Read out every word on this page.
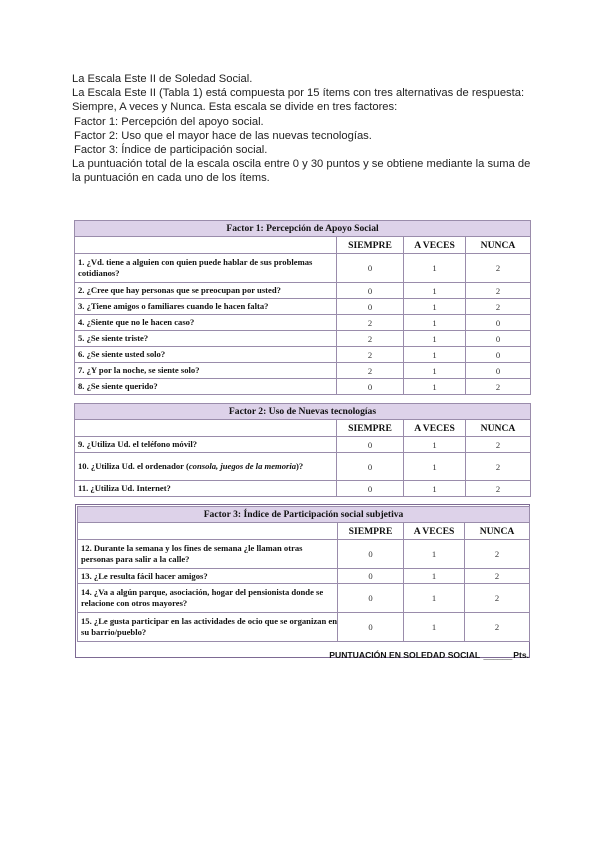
La Escala Este II de Soledad Social.

La Escala Este II (Tabla 1) está compuesta por 15 ítems con tres alternativas de respuesta:

Siempre, A veces y Nunca. Esta escala se divide en tres factores:

Factor 1: Percepción del apoyo social.

Factor 2: Uso que el mayor hace de las nuevas tecnologías.

Factor 3: Índice de participación social.

La puntuación total de la escala oscila entre 0 y 30 puntos y se obtiene mediante la suma de

la puntuación en cada uno de los ítems.

Factor 1: Percepción de Apoyo Social			
	SIEMPRE	A VECES	NUNCA
1. ¿Vd. tiene a alguien con quien puede hablar de sus problemas cotidianos?	0	1	2
2. ¿Cree que hay personas que se preocupan por usted?	0	1	2
3. ¿Tiene amigos o familiares cuando le hacen falta?	0	1	2
4. ¿Siente que no le hacen caso?	2	1	0
5. ¿Se siente triste?	2	1	0
6. ¿Se siente usted solo?	2	1	0
7. ¿Y por la noche, se siente solo?	2	1	0
8. ¿Se siente querido?	0	1	2
Factor 2: Uso de Nuevas tecnologías			
	SIEMPRE	A VECES	NUNCA
9. ¿Utiliza Ud. el teléfono móvil?	0	1	2
10. ¿Utiliza Ud. el ordenador (consola, juegos de la memoria)?	0	1	2
11. ¿Utiliza Ud. Internet?	0	1	2
Factor 3: Índice de Participación social subjetiva			
	SIEMPRE	A VECES	NUNCA
12. Durante la semana y los fines de semana ¿le llaman otras personas para salir a la calle?	0	1	2
13. ¿Le resulta fácil hacer amigos?	0	1	2
14. ¿Va a algún parque, asociación, hogar del pensionista donde se relacione con otros mayores?	0	1	2
15. ¿Le gusta participar en las actividades de ocio que se organizan en su barrio/pueblo?	0	1	2
PUNTUACIÓN EN SOLEDAD SOCIAL ______Pts.
